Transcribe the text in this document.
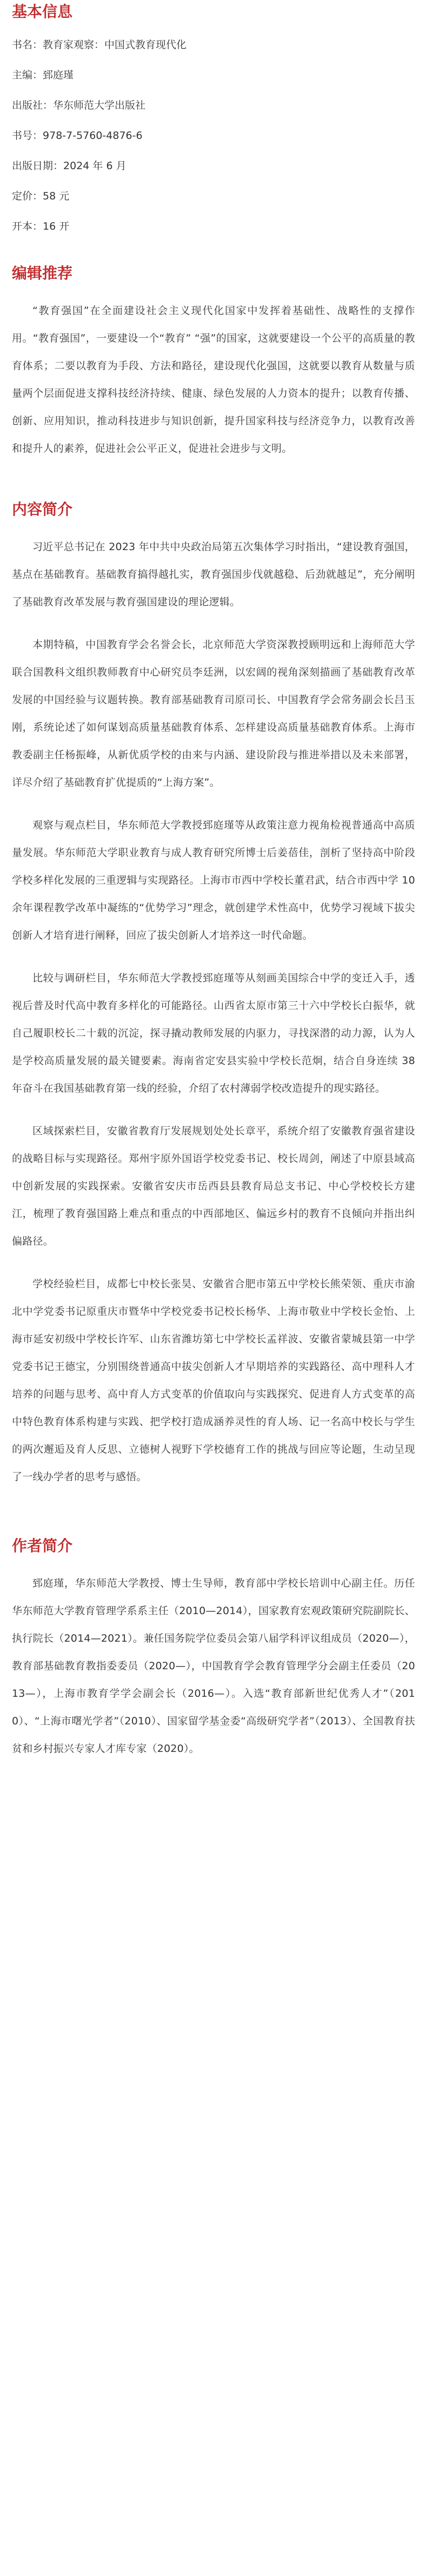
基本信息
书名：教育家观察：中国式教育现代化
主编：郅庭瑾
出版社：华东师范大学出版社
书号：978-7-5760-4876-6
出版日期：2024 年 6 月
定价：58 元
开本：16 开
编辑推荐

“教育强国”在全面建设社会主义现代化国家中发挥着基础性、战略性的支撑作用。“教育强国”，一要建设一个“教育” “强”的国家，这就要建设一个公平的高质量的教育体系；二要以教育为手段、方法和路径，建设现代化强国，这就要以教育从数量与质量两个层面促进支撑科技经济持续、健康、绿色发展的人力资本的提升；以教育传播、创新、应用知识，推动科技进步与知识创新，提升国家科技与经济竞争力，以教育改善和提升人的素养，促进社会公平正义，促进社会进步与文明。

内容简介

习近平总书记在 2023 年中共中央政治局第五次集体学习时指出，“建设教育强国，基点在基础教育。基础教育搞得越扎实，教育强国步伐就越稳、后劲就越足”，充分阐明了基础教育改革发展与教育强国建设的理论逻辑。

本期特稿，中国教育学会名誉会长，北京师范大学资深教授顾明远和上海师范大学联合国教科文组织教师教育中心研究员李廷洲，以宏阔的视角深刻描画了基础教育改革发展的中国经验与议题转换。教育部基础教育司原司长、中国教育学会常务副会长吕玉刚，系统论述了如何谋划高质量基础教育体系、怎样建设高质量基础教育体系。上海市教委副主任杨振峰，从新优质学校的由来与内涵、建设阶段与推进举措以及未来部署，详尽介绍了基础教育扩优提质的“上海方案”。

观察与观点栏目，华东师范大学教授郅庭瑾等从政策注意力视角检视普通高中高质量发展。华东师范大学职业教育与成人教育研究所博士后姜蓓佳，剖析了坚持高中阶段学校多样化发展的三重逻辑与实现路径。上海市市西中学校长董君武，结合市西中学 10 余年课程教学改革中凝练的“优势学习”理念，就创建学术性高中，优势学习视域下拔尖创新人才培育进行阐释，回应了拔尖创新人才培养这一时代命题。

比较与调研栏目，华东师范大学教授郅庭瑾等从刻画美国综合中学的变迁入手，透视后普及时代高中教育多样化的可能路径。山西省太原市第三十六中学校长白振华，就自己履职校长二十载的沉淀，探寻撬动教师发展的内驱力，寻找深潜的动力源，认为人是学校高质量发展的最关键要素。海南省定安县实验中学校长范炯，结合自身连续 38 年奋斗在我国基础教育第一线的经验，介绍了农村薄弱学校改造提升的现实路径。

区域探索栏目，安徽省教育厅发展规划处处长章平，系统介绍了安徽教育强省建设的战略目标与实现路径。郑州宇原外国语学校党委书记、校长周剑，阐述了中原县域高中创新发展的实践探索。安徽省安庆市岳西县县教育局总支书记、中心学校校长方建江，梳理了教育强国路上难点和重点的中西部地区、偏远乡村的教育不良倾向并指出纠偏路径。

学校经验栏目，成都七中校长张昊、安徽省合肥市第五中学校长熊荣领、重庆市渝北中学党委书记原重庆市暨华中学校党委书记校长杨华、上海市敬业中学校长金怡、上海市延安初级中学校长许军、山东省潍坊第七中学校长孟祥波、安徽省蒙城县第一中学党委书记王德宝，分别围绕普通高中拔尖创新人才早期培养的实践路径、高中理科人才培养的问题与思考、高中育人方式变革的价值取向与实践探究、促进育人方式变革的高中特色教育体系构建与实践、把学校打造成涵养灵性的育人场、记一名高中校长与学生的两次邂逅及育人反思、立德树人视野下学校德育工作的挑战与回应等论题，生动呈现了一线办学者的思考与感悟。

作者简介

郅庭瑾，华东师范大学教授、博士生导师，教育部中学校长培训中心副主任。历任华东师范大学教育管理学系系主任（2010—2014），国家教育宏观政策研究院副院长、执行院长（2014—2021）。兼任国务院学位委员会第八届学科评议组成员（2020—），教育部基础教育教指委委员（2020—），中国教育学会教育管理学分会副主任委员（2013—），上海市教育学学会副会长（2016—）。入选“教育部新世纪优秀人才”（2010）、“上海市曙光学者”（2010）、国家留学基金委“高级研究学者”（2013）、全国教育扶贫和乡村振兴专家人才库专家（2020）。
